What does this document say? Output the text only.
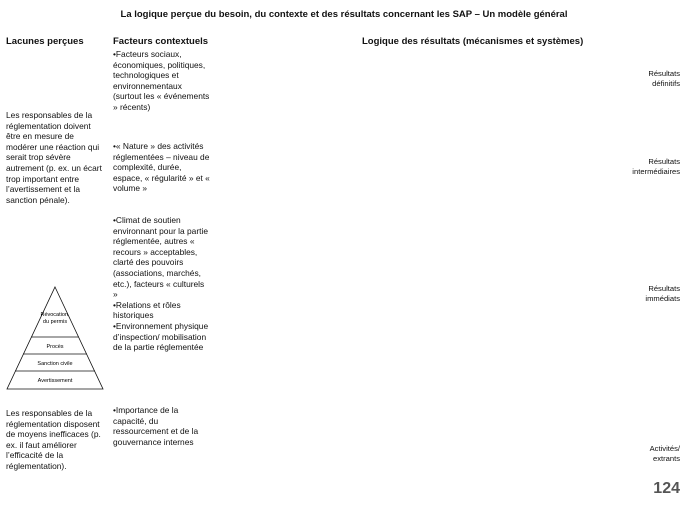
La logique perçue du besoin, du contexte et des résultats concernant les SAP – Un modèle général
Lacunes perçues	Facteurs contextuels	Logique des résultats (mécanismes et systèmes)
Les responsables de la réglementation doivent être en mesure de modérer une réaction qui serait trop sévère autrement (p. ex. un écart trop important entre l’avertissement et la sanction pénale).
Les responsables de la réglementation disposent de moyens inefficaces (p. ex. il faut améliorer l’efficacité de la réglementation).
•Facteurs sociaux, économiques, politiques, technologiques et environnementaux (surtout les « événements » récents)
•« Nature » des activités réglementées – niveau de complexité, durée, espace, « régularité » et « volume »
•Climat de soutien environnant pour la partie réglementée, autres « recours » acceptables, clarté des pouvoirs (associations, marchés, etc.), facteurs « culturels »
•Relations et rôles historiques
•Environnement physique d’inspection/ mobilisation de la partie réglementée
•Importance de la capacité, du ressourcement et de la gouvernance internes
Révocation du permis
Procès
Sanction civile
Avertissement
Résultats définitifs
Résultats intermédiaires
Résultats immédiats
Activités/ extrants
124
